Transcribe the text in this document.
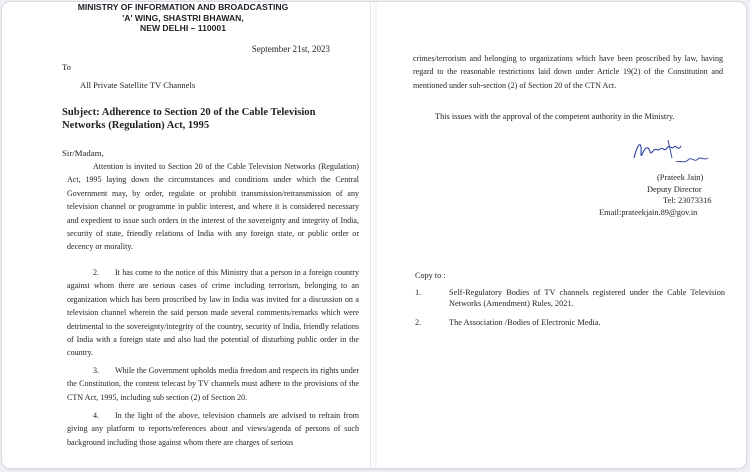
MINISTRY OF INFORMATION AND BROADCASTING
'A' WING, SHASTRI BHAWAN,
NEW DELHI – 110001
September 21st, 2023
To
All Private Satellite TV Channels
Subject: Adherence to Section 20 of the Cable Television Networks (Regulation) Act, 1995
Sir/Madam,
Attention is invited to Section 20 of the Cable Television Networks (Regulation) Act, 1995 laying down the circumstances and conditions under which the Central Government may, by order, regulate or prohibit transmission/retransmission of any television channel or programme in public interest, and where it is considered necessary and expedient to issue such orders in the interest of the sovereignty and integrity of India, security of state, friendly relations of India with any foreign state, or public order or decency or morality.
2. It has come to the notice of this Ministry that a person in a foreign country against whom there are serious cases of crime including terrorism, belonging to an organization which has been proscribed by law in India was invited for a discussion on a television channel wherein the said person made several comments/remarks which were detrimental to the sovereignty/integrity of the country, security of India, friendly relations of India with a foreign state and also had the potential of disturbing public order in the country.
3. While the Government upholds media freedom and respects its rights under the Constitution, the content telecast by TV channels must adhere to the provisions of the CTN Act, 1995, including sub section (2) of Section 20.
4. In the light of the above, television channels are advised to refrain from giving any platform to reports/references about and views/agenda of persons of such background including those against whom there are charges of serious
crimes/terrorism and belonging to organizations which have been proscribed by law, having regard to the reasonable restrictions laid down under Article 19(2) of the Constitution and mentioned under sub-section (2) of Section 20 of the CTN Act.
This issues with the approval of the competent authority in the Ministry.
(Prateek Jain)
Deputy Director
Tel: 23073316
Email:prateekjain.89@gov.in
Copy to :
1.	Self-Regulatory Bodies of TV channels registered under the Cable Television Networks (Amendment) Rules, 2021.
2.	The Association /Bodies of Electronic Media.
